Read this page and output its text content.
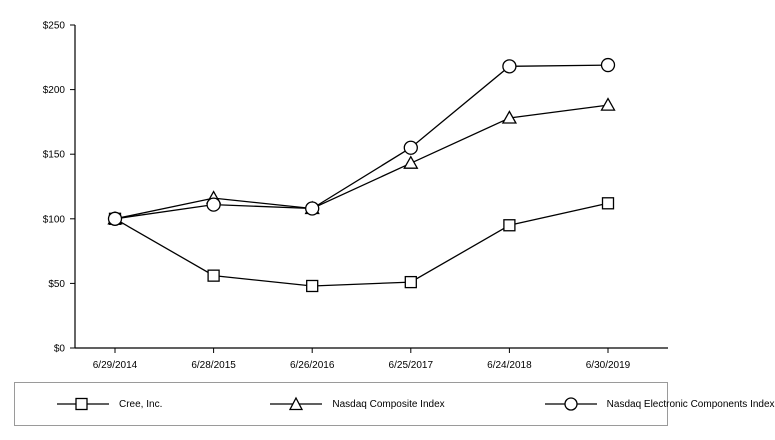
$0
$50
$100
$150
$200
$250
6/29/2014	6/28/2015	6/26/2016	6/25/2017	6/24/2018	6/30/2019
Cree, Inc.	Nasdaq Composite Index	Nasdaq Electronic Components Index
